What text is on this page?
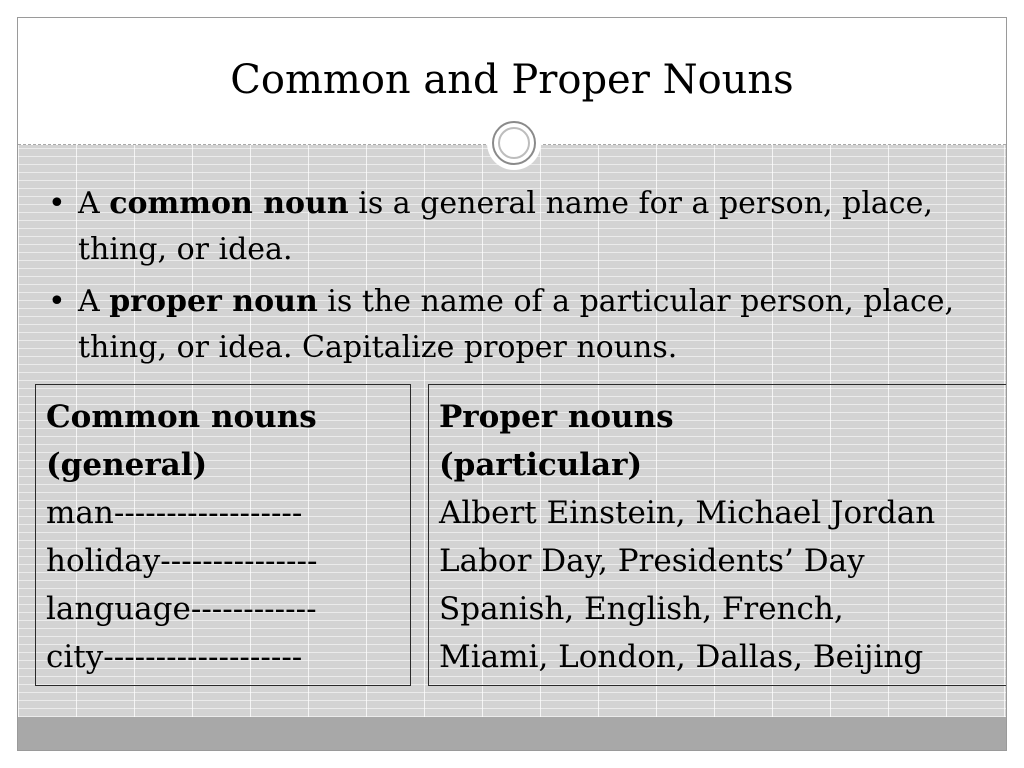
Common and Proper Nouns
• A common noun is a general name for a person, place, thing, or idea.
• A proper noun is the name of a particular person, place, thing, or idea. Capitalize proper nouns.
Common nouns
(general)
man------------------
holiday---------------
language------------
city-------------------
Proper nouns
(particular)
Albert Einstein, Michael Jordan
Labor Day, Presidents’ Day
Spanish, English, French,
Miami, London, Dallas, Beijing
